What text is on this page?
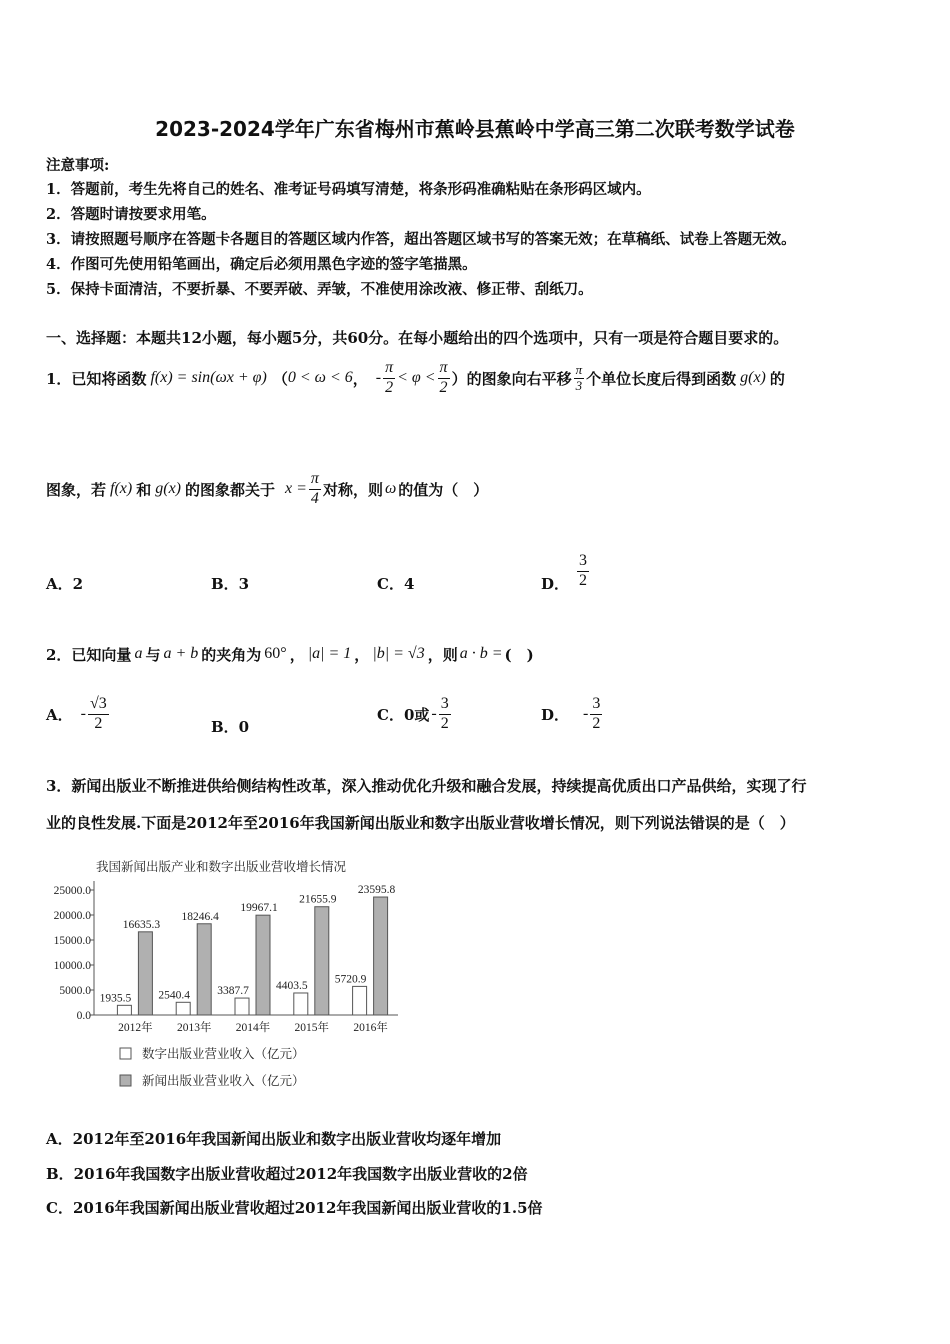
2023-2024学年广东省梅州市蕉岭县蕉岭中学高三第二次联考数学试卷
注意事项:
1．答题前，考生先将自己的姓名、准考证号码填写清楚，将条形码准确粘贴在条形码区域内。
2．答题时请按要求用笔。
3．请按照题号顺序在答题卡各题目的答题区域内作答，超出答题区域书写的答案无效；在草稿纸、试卷上答题无效。
4．作图可先使用铅笔画出，确定后必须用黑色字迹的签字笔描黑。
5．保持卡面清洁，不要折暴、不要弄破、弄皱，不准使用涂改液、修正带、刮纸刀。
一、选择题：本题共12小题，每小题5分，共60分。在每小题给出的四个选项中，只有一项是符合题目要求的。
1．已知将函数 f(x) = sin(ωx + φ) （ 0 < ω < 6 ， - $\frac{\pi}{2} < \varphi < \frac{\pi}{2}$ ）的图象向右平移 $\frac{\pi}{3}$ 个单位长度后得到函数 g(x) 的
图象，若 f(x) 和 g(x) 的图象都关于 $x = \frac{\pi}{4}$ 对称，则 ω 的值为（　）
A．2	B．3	C．4	D． $\frac{3}{2}$
2．已知向量 a 与 a + b 的夹角为 60° ， |a| = 1 ， |b| = √3 ，则 a · b = (　)
A． - $\frac{√3}{2}$	B．0
C．0或 - $\frac{3}{2}$	D． - $\frac{3}{2}$
3．新闻出版业不断推进供给侧结构性改革，深入推动优化升级和融合发展，持续提高优质出口产品供给，实现了行
业的良性发展.下面是2012年至2016年我国新闻出版业和数字出版业营收增长情况，则下列说法错误的是（　）
我国新闻出版产业和数字出版业营收增长情况
25000.0
20000.0
15000.0
10000.0
5000.0
0.0
2012年 2013年 2014年 2015年 2016年
1935.5
16635.3
2540.4
18246.4
3387.7
19967.1
4403.5
21655.9
5720.9
23595.8
数字出版业营业收入（亿元）
新闻出版业营业收入（亿元）
A．2012年至2016年我国新闻出版业和数字出版业营收均逐年增加
B．2016年我国数字出版业营收超过2012年我国数字出版业营收的2倍
C．2016年我国新闻出版业营收超过2012年我国新闻出版业营收的1.5倍
